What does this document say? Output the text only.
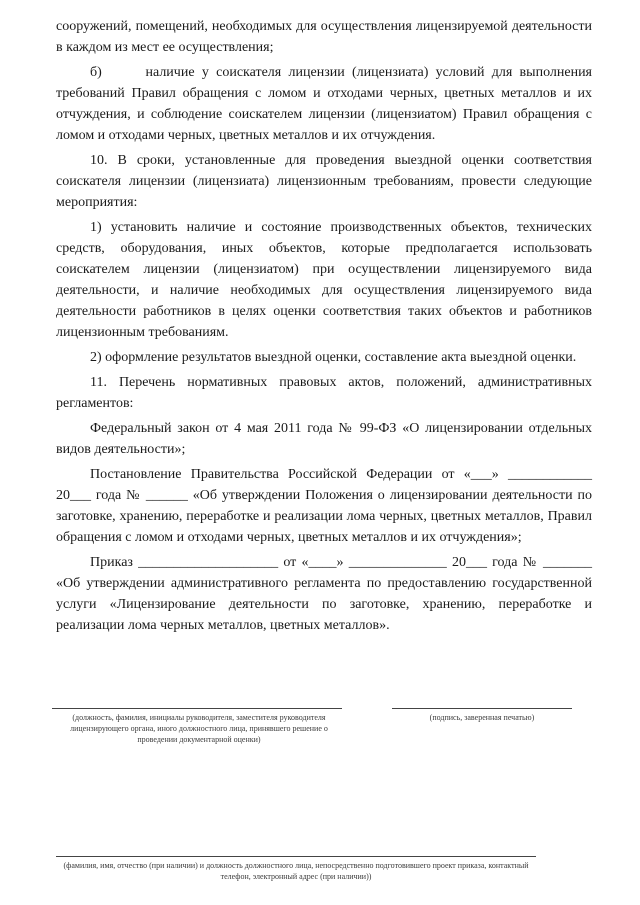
сооружений, помещений, необходимых для осуществления лицензируемой деятельности в каждом из мест ее осуществления;

б)      наличие у соискателя лицензии (лицензиата) условий для выполнения требований Правил обращения с ломом и отходами черных, цветных металлов и их отчуждения, и соблюдение соискателем лицензии (лицензиатом) Правил обращения с ломом и отходами черных, цветных металлов и их отчуждения.

10. В сроки, установленные для проведения выездной оценки соответствия соискателя лицензии (лицензиата) лицензионным требованиям, провести следующие мероприятия:

1) установить наличие и состояние производственных объектов, технических средств, оборудования, иных объектов, которые предполагается использовать соискателем лицензии (лицензиатом) при осуществлении лицензируемого вида деятельности, и наличие необходимых для осуществления лицензируемого вида деятельности работников в целях оценки соответствия таких объектов и работников лицензионным требованиям.

2) оформление результатов выездной оценки, составление акта выездной оценки.

11. Перечень нормативных правовых актов, положений, административных регламентов:

Федеральный закон от 4 мая 2011 года № 99-ФЗ «О лицензировании отдельных видов деятельности»;

Постановление Правительства Российской Федерации от «___» ____________ 20___ года № ______ «Об утверждении Положения о лицензировании деятельности по заготовке, хранению, переработке и реализации лома черных, цветных металлов, Правил обращения с ломом и отходами черных, цветных металлов и их отчуждения»;

Приказ ____________________ от «____» ______________ 20___ года № _______ «Об утверждении административного регламента по предоставлению государственной услуги «Лицензирование деятельности по заготовке, хранению, переработке и реализации лома черных металлов, цветных металлов».

(должность, фамилия, инициалы руководителя, заместителя руководителя лицензирующего органа, иного должностного лица, принявшего решение о проведении документарной оценки)
(подпись, заверенная печатью)
(фамилия, имя, отчество (при наличии) и должность должностного лица, непосредственно подготовившего проект приказа, контактный телефон, электронный адрес (при наличии))
